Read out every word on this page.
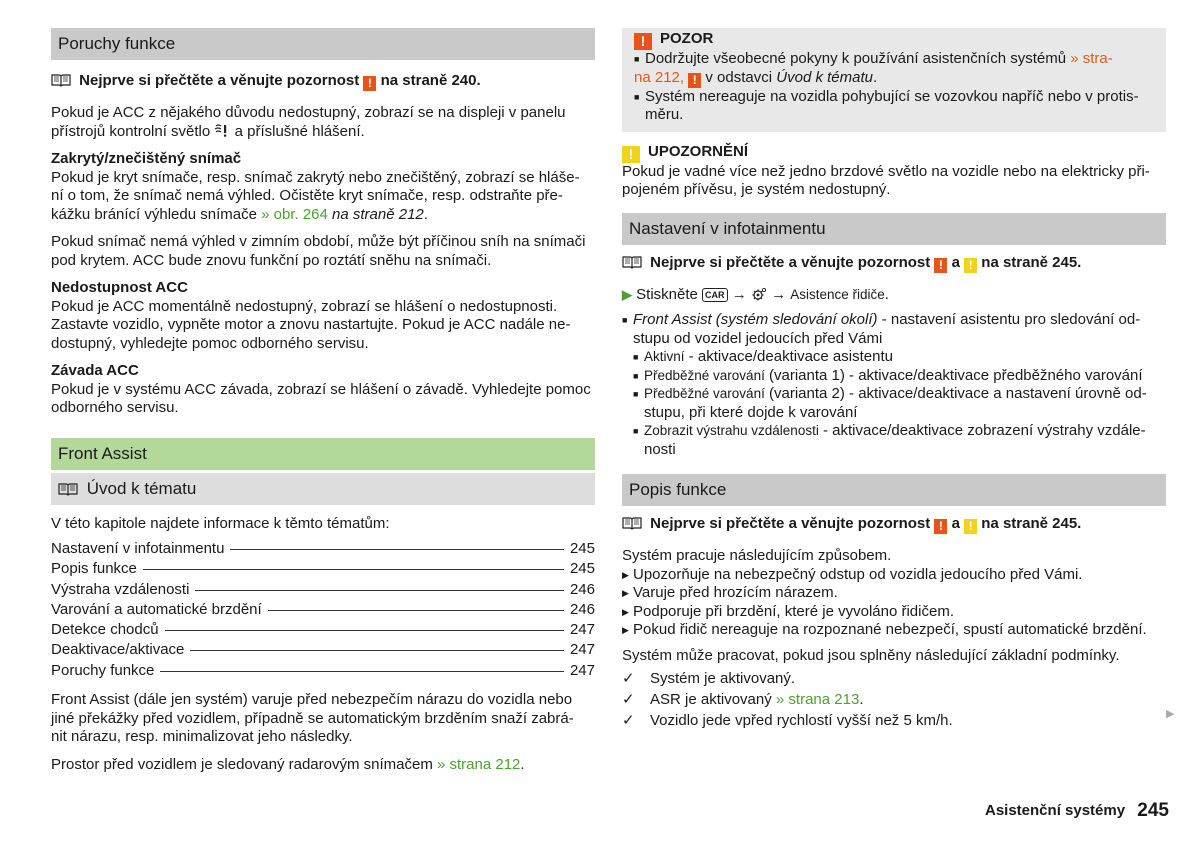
Poruchy funkce

Nejprve si přečtěte a věnujte pozornost ! na straně 240.

Pokud je ACC z nějakého důvodu nedostupný, zobrazí se na displeji v panelu
přístrojů kontrolní světlo a příslušné hlášení.

Zakrytý/znečištěný snímač

Pokud je kryt snímače, resp. snímač zakrytý nebo znečištěný, zobrazí se hláše-
ní o tom, že snímač nemá výhled. Očistěte kryt snímače, resp. odstraňte pře-
kážku bránící výhledu snímače » obr. 264 na straně 212.

Pokud snímač nemá výhled v zimním období, může být příčinou sníh na snímači
pod krytem. ACC bude znovu funkční po roztátí sněhu na snímači.

Nedostupnost ACC

Pokud je ACC momentálně nedostupný, zobrazí se hlášení o nedostupnosti.
Zastavte vozidlo, vypněte motor a znovu nastartujte. Pokud je ACC nadále ne-
dostupný, vyhledejte pomoc odborného servisu.

Závada ACC

Pokud je v systému ACC závada, zobrazí se hlášení o závadě. Vyhledejte pomoc
odborného servisu.

Front Assist
Úvod k tématu

V této kapitole najdete informace k těmto tématům:

Nastavení v infotainmentu	245
Popis funkce	245
Výstraha vzdálenosti	246
Varování a automatické brzdění	246
Detekce chodců	247
Deaktivace/aktivace	247
Poruchy funkce	247

Front Assist (dále jen systém) varuje před nebezpečím nárazu do vozidla nebo
jiné překážky před vozidlem, případně se automatickým brzděním snaží zabrá-
nit nárazu, resp. minimalizovat jeho následky.

Prostor před vozidlem je sledovaný radarovým snímačem » strana 212.

! POZOR

■ Dodržujte všeobecné pokyny k používání asistenčních systémů » stra-
na 212, ! v odstavci Úvod k tématu.

■ Systém nereaguje na vozidla pohybující se vozovkou napříč nebo v protis-
měru.

! UPOZORNĚNÍ

Pokud je vadné více než jedno brzdové světlo na vozidle nebo na elektricky při-
pojeném přívěsu, je systém nedostupný.

Nastavení v infotainmentu

Nejprve si přečtěte a věnujte pozornost ! a ! na straně 245.

▶ Stiskněte CAR → → Asistence řidiče.

■ Front Assist (systém sledování okolí) - nastavení asistentu pro sledování od-
stupu od vozidel jedoucích před Vámi

■ Aktivní - aktivace/deaktivace asistentu

■ Předběžné varování (varianta 1) - aktivace/deaktivace předběžného varování

■ Předběžné varování (varianta 2) - aktivace/deaktivace a nastavení úrovně od-
stupu, při které dojde k varování

■ Zobrazit výstrahu vzdálenosti - aktivace/deaktivace zobrazení výstrahy vzdále-
nosti

Popis funkce

Nejprve si přečtěte a věnujte pozornost ! a ! na straně 245.

Systém pracuje následujícím způsobem.

▶ Upozorňuje na nebezpečný odstup od vozidla jedoucího před Vámi.

▶ Varuje před hrozícím nárazem.

▶ Podporuje při brzdění, které je vyvoláno řidičem.

▶ Pokud řidič nereaguje na rozpoznané nebezpečí, spustí automatické brzdění.

Systém může pracovat, pokud jsou splněny následující základní podmínky.

✓ Systém je aktivovaný.

✓ ASR je aktivovaný » strana 213.

✓ Vozidlo jede vpřed rychlostí vyšší než 5 km/h.	▶
Asistenční systémy 245
